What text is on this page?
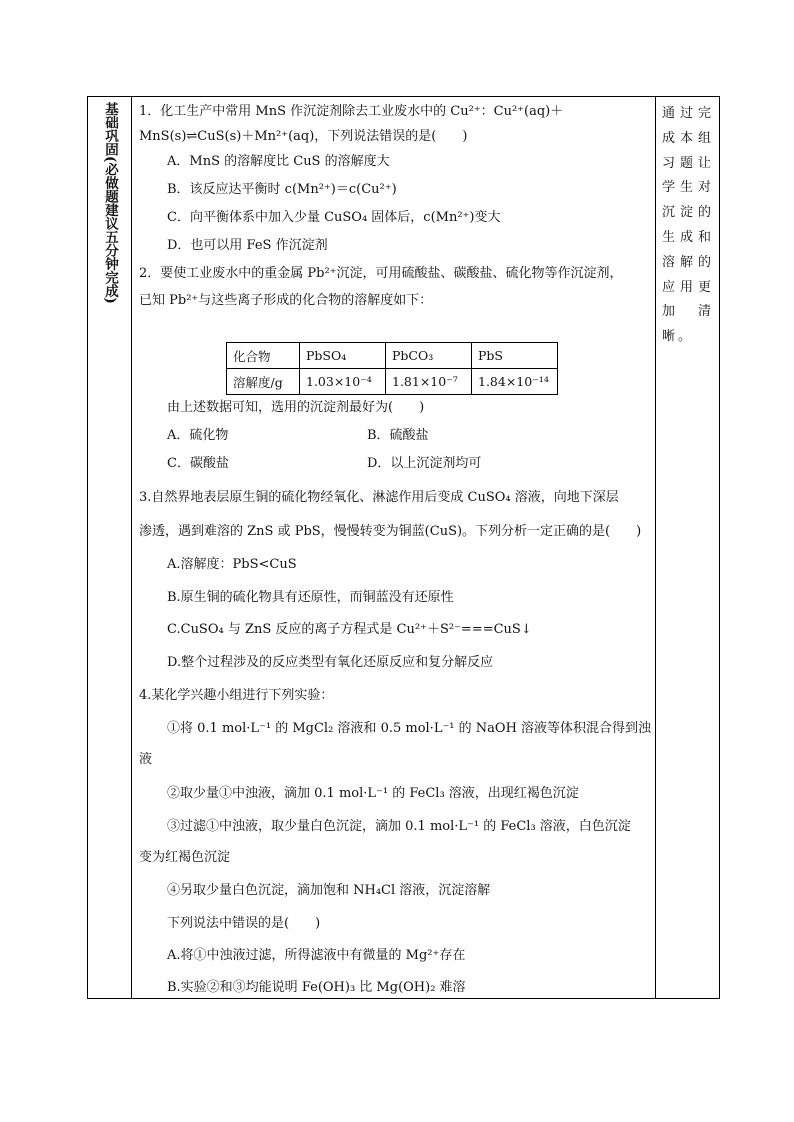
基础巩固(必做题建议五分钟完成)	通过完成本组习题让学生对沉淀的生成和溶解的应用更加清晰。
1．化工生产中常用 MnS 作沉淀剂除去工业废水中的 Cu²⁺：Cu²⁺(aq)＋
MnS(s)⇌CuS(s)＋Mn²⁺(aq)，下列说法错误的是(　　)
A．MnS 的溶解度比 CuS 的溶解度大
B．该反应达平衡时 c(Mn²⁺)＝c(Cu²⁺)
C．向平衡体系中加入少量 CuSO₄ 固体后，c(Mn²⁺)变大
D．也可以用 FeS 作沉淀剂
2．要使工业废水中的重金属 Pb²⁺沉淀，可用硫酸盐、碳酸盐、硫化物等作沉淀剂，
已知 Pb²⁺与这些离子形成的化合物的溶解度如下：
化合物	PbSO₄	PbCO₃	PbS
溶解度/g	1.03×10⁻⁴	1.81×10⁻⁷	1.84×10⁻¹⁴
由上述数据可知，选用的沉淀剂最好为(　　)
A．硫化物	B．硫酸盐
C．碳酸盐	D．以上沉淀剂均可
3.自然界地表层原生铜的硫化物经氧化、淋滤作用后变成 CuSO₄ 溶液，向地下深层
渗透，遇到难溶的 ZnS 或 PbS，慢慢转变为铜蓝(CuS)。下列分析一定正确的是(　　)
A.溶解度：PbS<CuS
B.原生铜的硫化物具有还原性，而铜蓝没有还原性
C.CuSO₄ 与 ZnS 反应的离子方程式是 Cu²⁺＋S²⁻===CuS↓
D.整个过程涉及的反应类型有氧化还原反应和复分解反应
4.某化学兴趣小组进行下列实验：
①将 0.1 mol·L⁻¹ 的 MgCl₂ 溶液和 0.5 mol·L⁻¹ 的 NaOH 溶液等体积混合得到浊
液
②取少量①中浊液，滴加 0.1 mol·L⁻¹ 的 FeCl₃ 溶液，出现红褐色沉淀
③过滤①中浊液，取少量白色沉淀，滴加 0.1 mol·L⁻¹ 的 FeCl₃ 溶液，白色沉淀
变为红褐色沉淀
④另取少量白色沉淀，滴加饱和 NH₄Cl 溶液，沉淀溶解
下列说法中错误的是(　　)
A.将①中浊液过滤，所得滤液中有微量的 Mg²⁺存在
B.实验②和③均能说明 Fe(OH)₃ 比 Mg(OH)₂ 难溶
